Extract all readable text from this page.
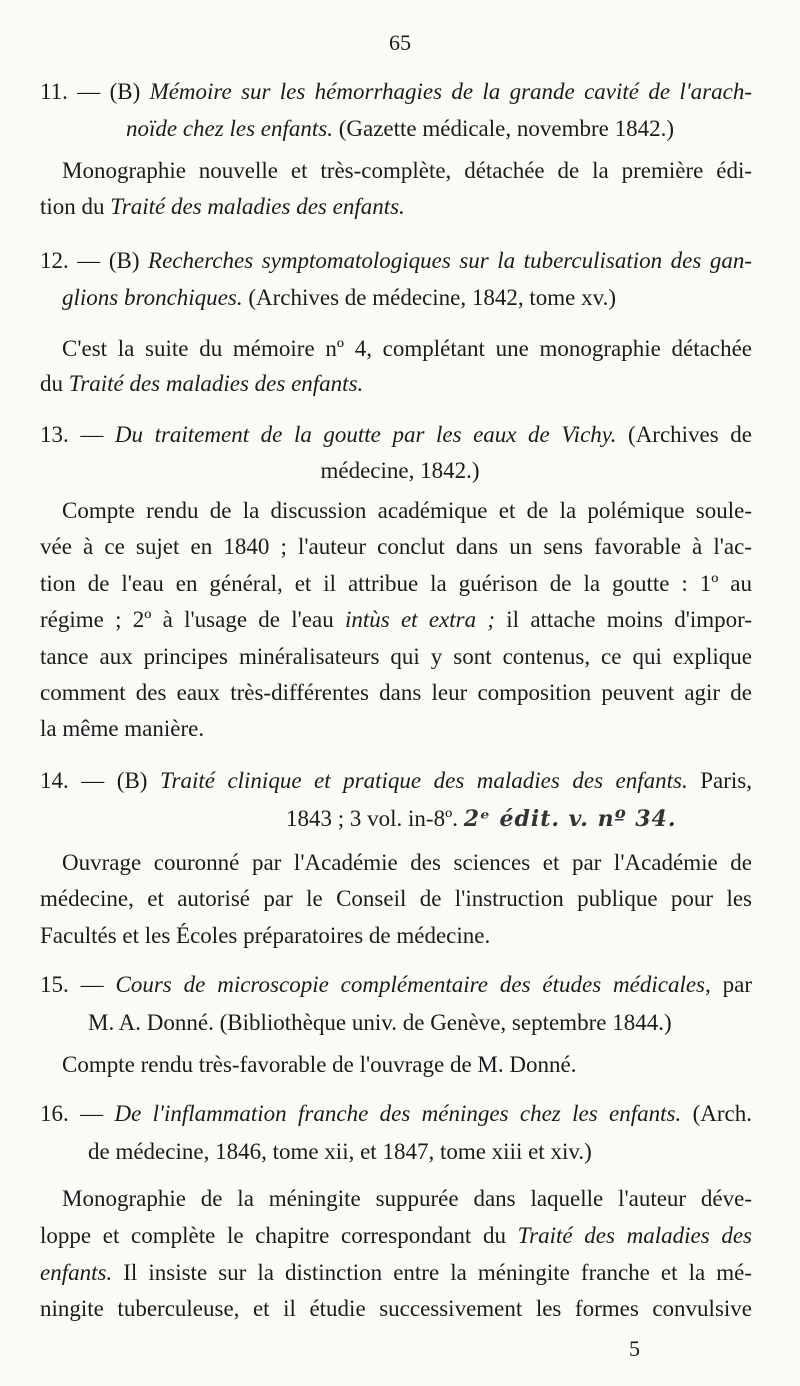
65
11. — (B) Mémoire sur les hémorrhagies de la grande cavité de l'arach-
noïde chez les enfants. (Gazette médicale, novembre 1842.)
Monographie nouvelle et très-complète, détachée de la première édi-
tion du Traité des maladies des enfants.
12. — (B) Recherches symptomatologiques sur la tuberculisation des gan-
glions bronchiques. (Archives de médecine, 1842, tome xv.)
C'est la suite du mémoire nº 4, complétant une monographie détachée
du Traité des maladies des enfants.
13. — Du traitement de la goutte par les eaux de Vichy. (Archives de
médecine, 1842.)
Compte rendu de la discussion académique et de la polémique soule-
vée à ce sujet en 1840 ; l'auteur conclut dans un sens favorable à l'ac-
tion de l'eau en général, et il attribue la guérison de la goutte : 1º au
régime ; 2º à l'usage de l'eau intùs et extra ; il attache moins d'impor-
tance aux principes minéralisateurs qui y sont contenus, ce qui explique
comment des eaux très-différentes dans leur composition peuvent agir de
la même manière.
14. — (B) Traité clinique et pratique des maladies des enfants. Paris,
1843 ; 3 vol. in-8º. 2ᵉ édit. v. nº 34.
Ouvrage couronné par l'Académie des sciences et par l'Académie de
médecine, et autorisé par le Conseil de l'instruction publique pour les
Facultés et les Écoles préparatoires de médecine.
15. — Cours de microscopie complémentaire des études médicales, par
M. A. Donné. (Bibliothèque univ. de Genève, septembre 1844.)
Compte rendu très-favorable de l'ouvrage de M. Donné.
16. — De l'inflammation franche des méninges chez les enfants. (Arch.
de médecine, 1846, tome xii, et 1847, tome xiii et xiv.)
Monographie de la méningite suppurée dans laquelle l'auteur déve-
loppe et complète le chapitre correspondant du Traité des maladies des
enfants. Il insiste sur la distinction entre la méningite franche et la mé-
ningite tuberculeuse, et il étudie successivement les formes convulsive
5
